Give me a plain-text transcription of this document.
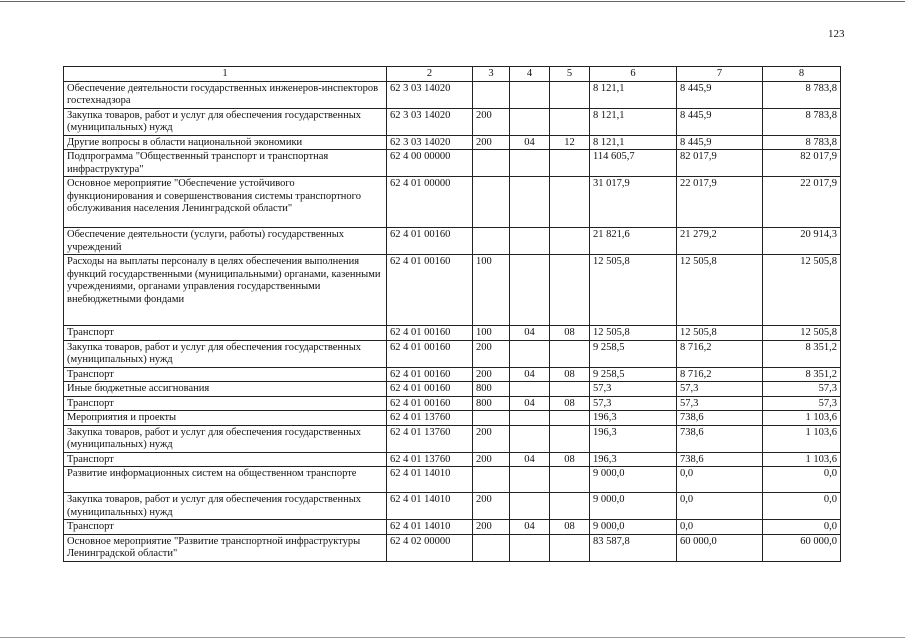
123
1	2	3	4	5	6	7	8
Обеспечение деятельности государственных инженеров-инспекторов гостехнадзора	62 3 03 14020				8 121,1	8 445,9	8 783,8
Закупка товаров, работ и услуг для обеспечения государственных (муниципальных) нужд	62 3 03 14020	200			8 121,1	8 445,9	8 783,8
Другие вопросы в области национальной экономики	62 3 03 14020	200	04	12	8 121,1	8 445,9	8 783,8
Подпрограмма "Общественный транспорт и транспортная инфраструктура"	62 4 00 00000				114 605,7	82 017,9	82 017,9
Основное мероприятие "Обеспечение устойчивого функционирования и совершенствования системы транспортного обслуживания населения Ленинградской области"	62 4 01 00000				31 017,9	22 017,9	22 017,9
Обеспечение деятельности (услуги, работы) государственных учреждений	62 4 01 00160				21 821,6	21 279,2	20 914,3
Расходы на выплаты персоналу в целях обеспечения выполнения функций государственными (муниципальными) органами, казенными учреждениями, органами управления государственными внебюджетными фондами	62 4 01 00160	100			12 505,8	12 505,8	12 505,8
Транспорт	62 4 01 00160	100	04	08	12 505,8	12 505,8	12 505,8
Закупка товаров, работ и услуг для обеспечения государственных (муниципальных) нужд	62 4 01 00160	200			9 258,5	8 716,2	8 351,2
Транспорт	62 4 01 00160	200	04	08	9 258,5	8 716,2	8 351,2
Иные бюджетные ассигнования	62 4 01 00160	800			57,3	57,3	57,3
Транспорт	62 4 01 00160	800	04	08	57,3	57,3	57,3
Мероприятия и проекты	62 4 01 13760				196,3	738,6	1 103,6
Закупка товаров, работ и услуг для обеспечения государственных (муниципальных) нужд	62 4 01 13760	200			196,3	738,6	1 103,6
Транспорт	62 4 01 13760	200	04	08	196,3	738,6	1 103,6
Развитие информационных систем на общественном транспорте	62 4 01 14010				9 000,0	0,0	0,0
Закупка товаров, работ и услуг для обеспечения государственных (муниципальных) нужд	62 4 01 14010	200			9 000,0	0,0	0,0
Транспорт	62 4 01 14010	200	04	08	9 000,0	0,0	0,0
Основное мероприятие "Развитие транспортной инфраструктуры Ленинградской области"	62 4 02 00000				83 587,8	60 000,0	60 000,0
